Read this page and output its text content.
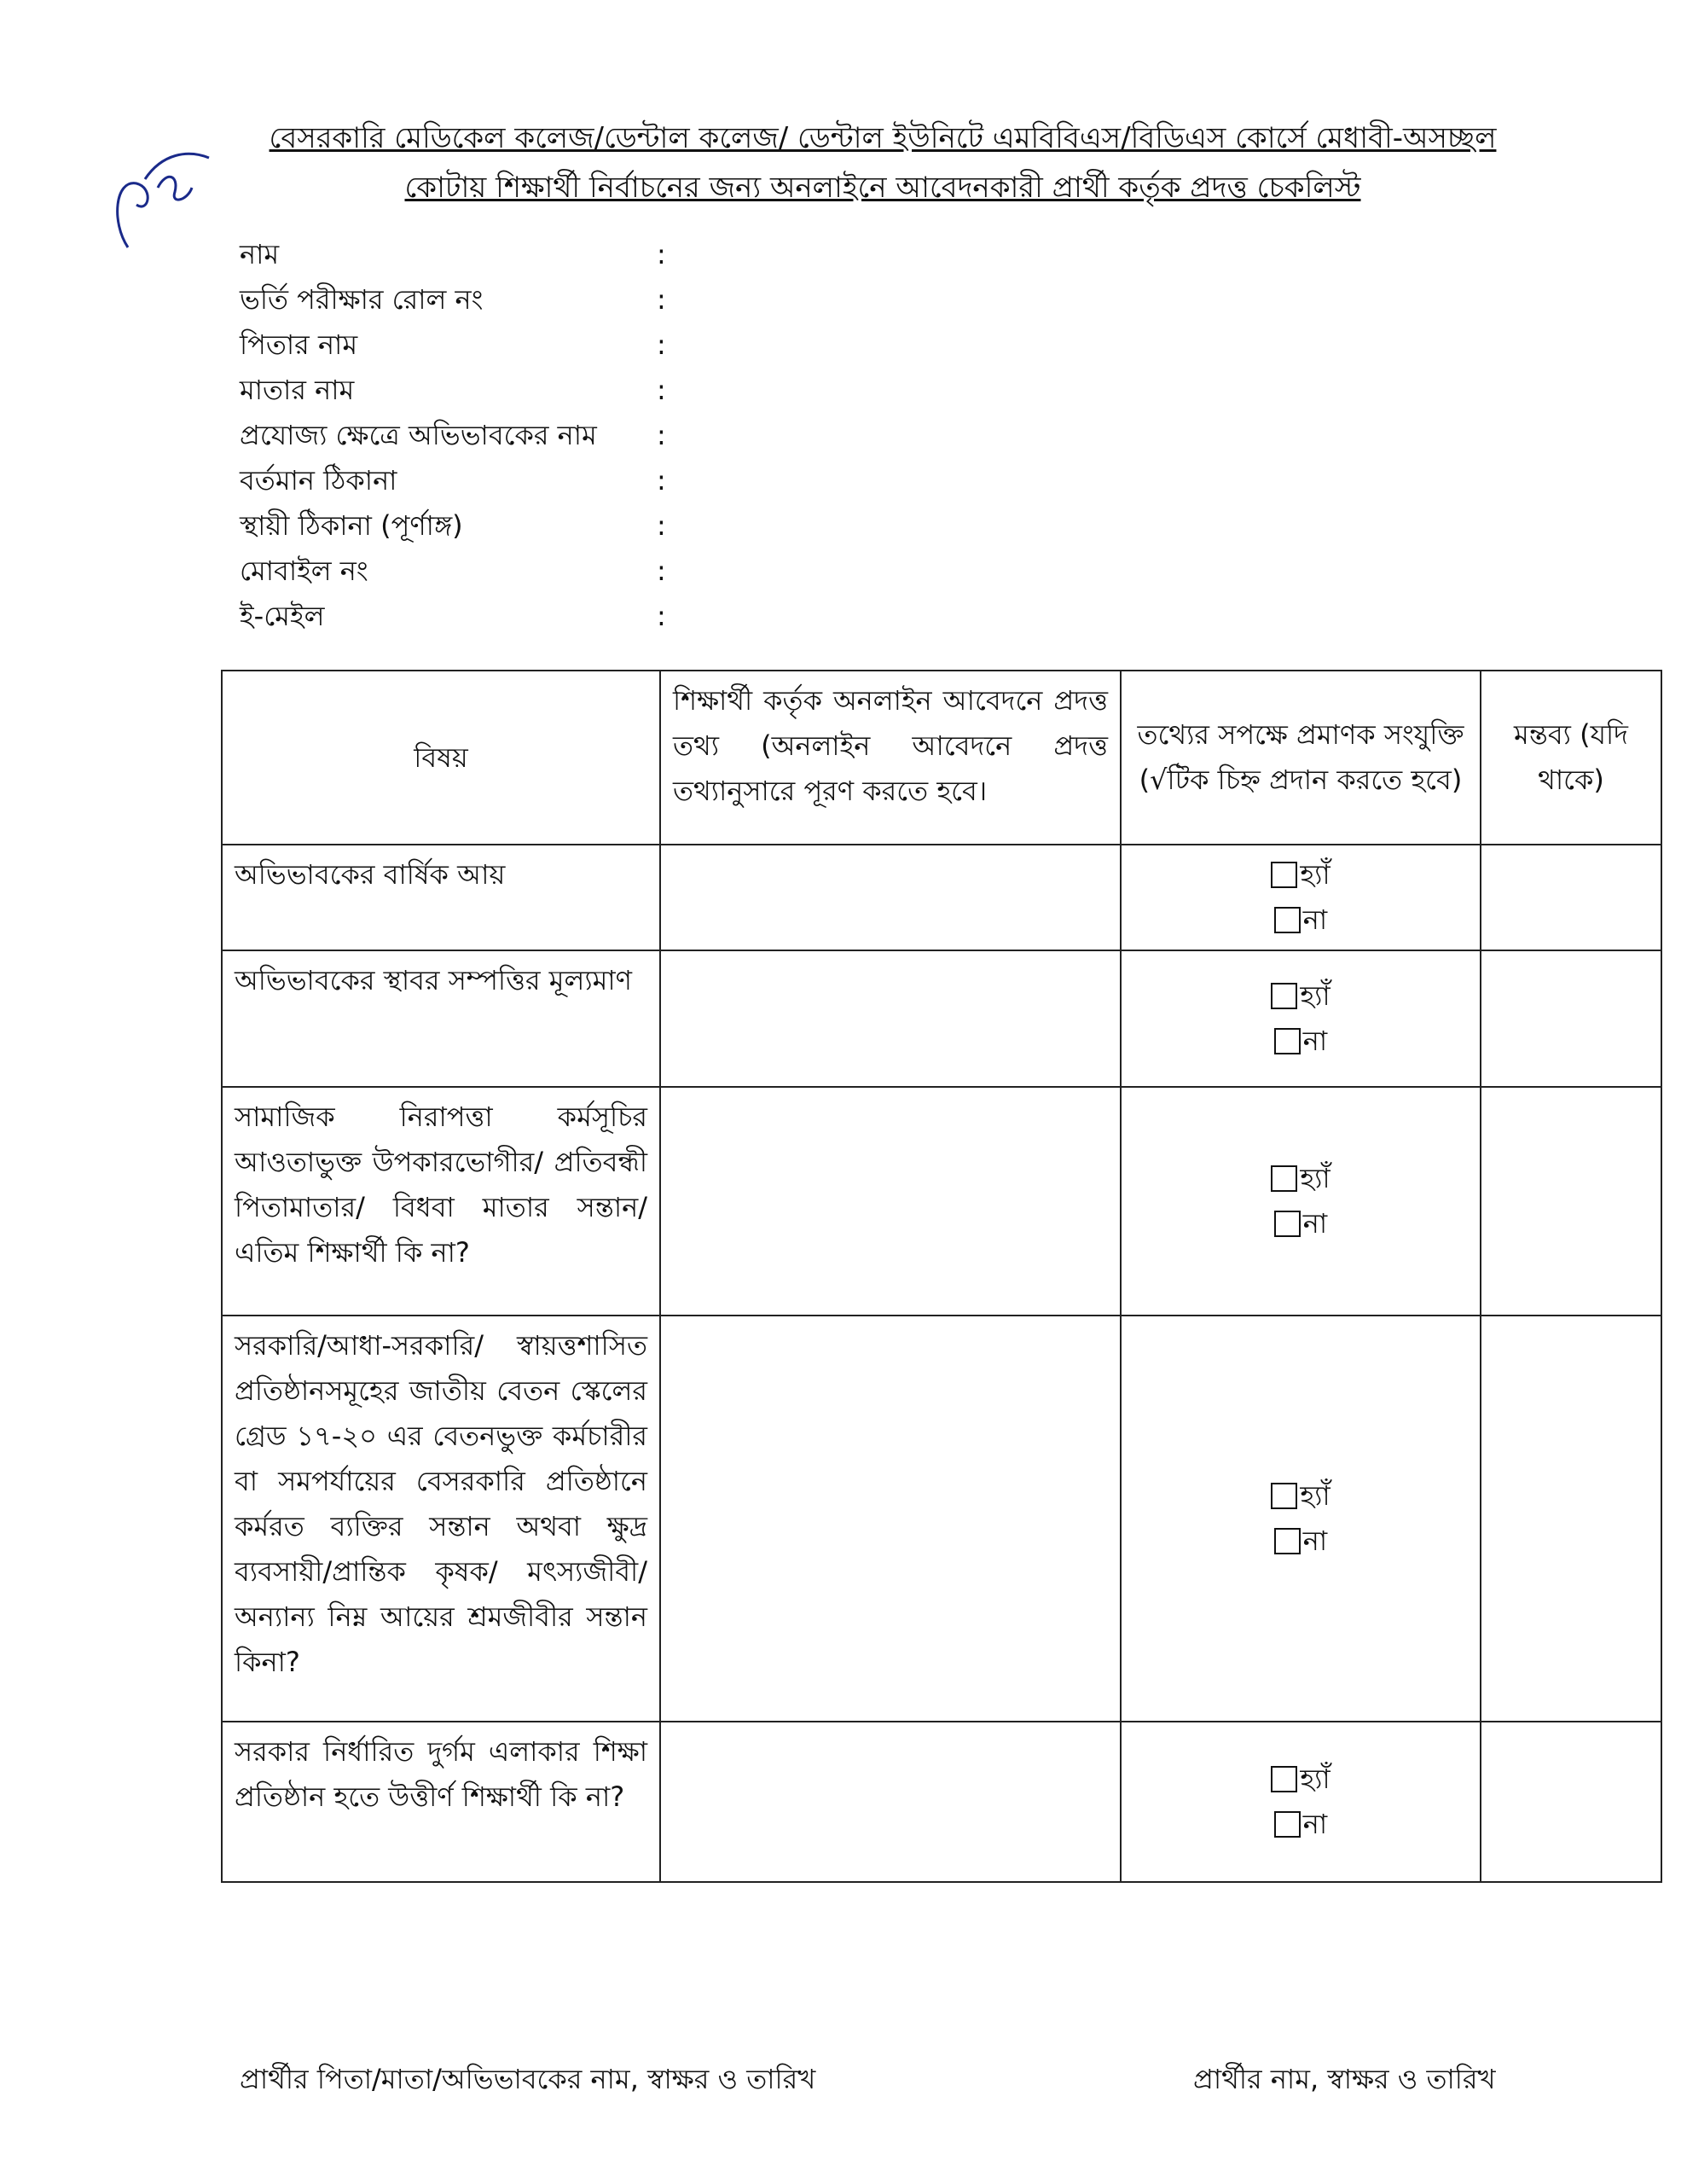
বেসরকারি মেডিকেল কলেজ/ডেন্টাল কলেজ/ ডেন্টাল ইউনিটে এমবিবিএস/বিডিএস কোর্সে মেধাবী-অসচ্ছল
কোটায় শিক্ষার্থী নির্বাচনের জন্য অনলাইনে আবেদনকারী প্রার্থী কর্তৃক প্রদত্ত চেকলিস্ট
নাম	:
ভর্তি পরীক্ষার রোল নং	:
পিতার নাম	:
মাতার নাম	:
প্রযোজ্য ক্ষেত্রে অভিভাবকের নাম :
বর্তমান ঠিকানা	:
স্থায়ী ঠিকানা (পূর্ণাঙ্গ)	:
মোবাইল নং	:
ই-মেইল	:
বিষয়	শিক্ষার্থী কর্তৃক অনলাইন আবেদনে প্রদত্ত তথ্য (অনলাইন আবেদনে প্রদত্ত তথ্যানুসারে পূরণ করতে হবে।	তথ্যের সপক্ষে প্রমাণক সংযুক্তি (√টিক চিহ্ন প্রদান করতে হবে)	মন্তব্য (যদি থাকে)
অভিভাবকের বার্ষিক আয়		হ্যাঁ
না	

অভিভাবকের স্থাবর সম্পত্তির মূল্যমাণ		হ্যাঁ
না	

সামাজিক নিরাপত্তা কর্মসূচির আওতাভুক্ত উপকারভোগীর/ প্রতিবন্ধী পিতামাতার/ বিধবা মাতার সন্তান/ এতিম শিক্ষার্থী কি না?		হ্যাঁ
না	

সরকারি/আধা-সরকারি/ স্বায়ত্তশাসিত প্রতিষ্ঠানসমূহের জাতীয় বেতন স্কেলের গ্রেড ১৭-২০ এর বেতনভুক্ত কর্মচারীর বা সমপর্যায়ের বেসরকারি প্রতিষ্ঠানে কর্মরত ব্যক্তির সন্তান অথবা ক্ষুদ্র ব্যবসায়ী/প্রান্তিক কৃষক/ মৎস্যজীবী/ অন্যান্য নিম্ন আয়ের শ্রমজীবীর সন্তান কিনা?		হ্যাঁ
না	

সরকার নির্ধারিত দুর্গম এলাকার শিক্ষা প্রতিষ্ঠান হতে উত্তীর্ণ শিক্ষার্থী কি না?		হ্যাঁ
না	

প্রার্থীর পিতা/মাতা/অভিভাবকের নাম, স্বাক্ষর ও তারিখ	প্রার্থীর নাম, স্বাক্ষর ও তারিখ
